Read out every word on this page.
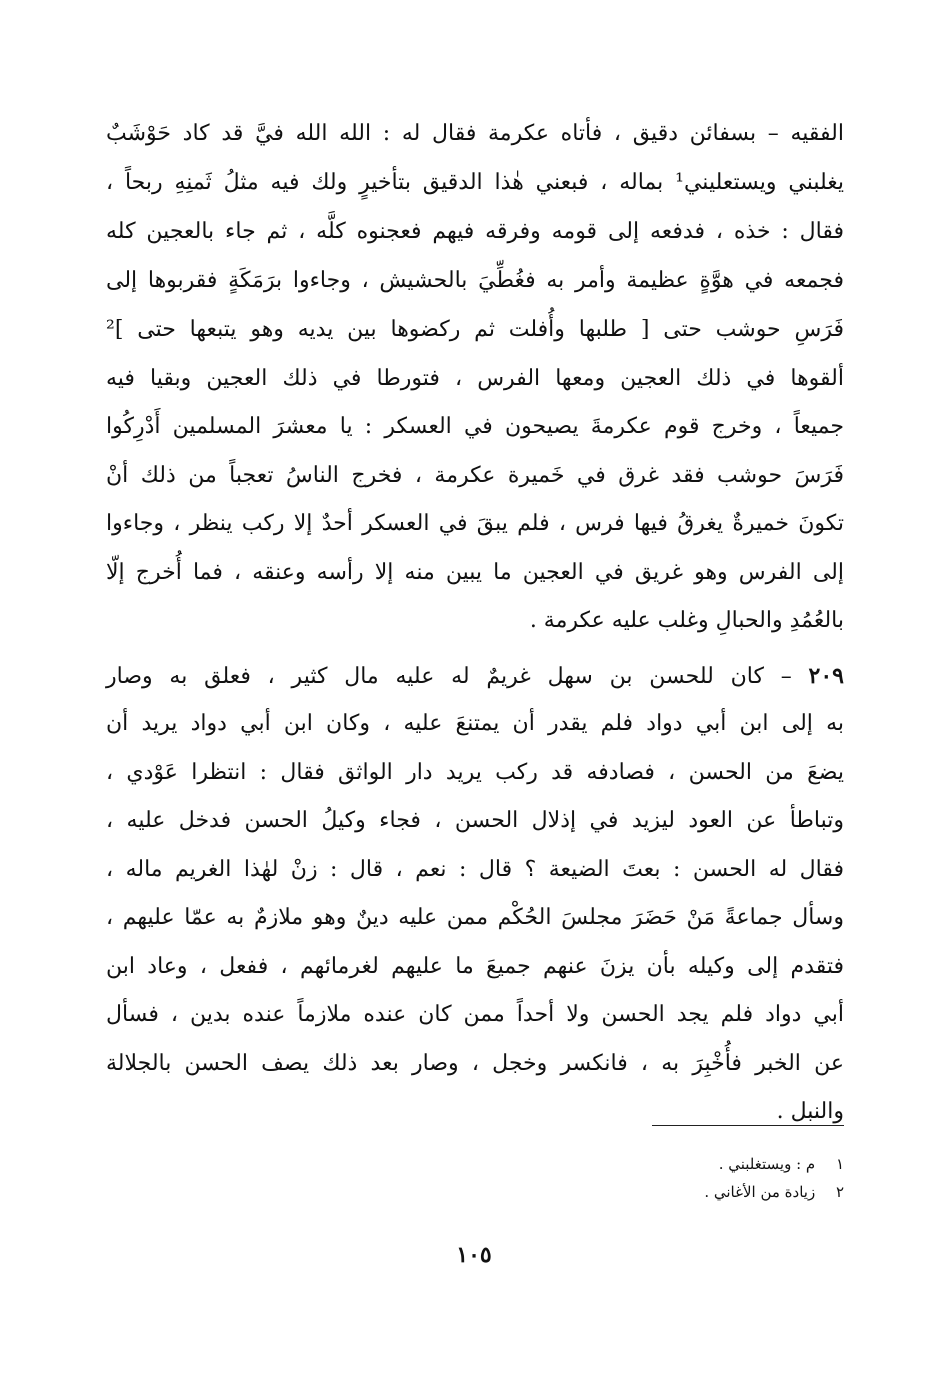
الفقيه – بسفائن دقيق ، فأتاه عكرمة فقال له : الله الله فيَّ قد كاد حَوْشَبٌ
يغلبني ويستعليني¹ بماله ، فبعني هٰذا الدقيق بتأخيرٍ ولك فيه مثلُ ثَمنِهِ ربحاً ،
فقال : خذه ، فدفعه إلى قومه وفرقه فيهم فعجنوه كلَّه ، ثم جاء بالعجين كله
فجمعه في هوَّةٍ عظيمة وأمر به فغُطِّيَ بالحشيش ، وجاءوا برَمَكَةٍ فقربوها إلى
فَرَسِ حوشب حتى [ طلبها وأُفلت ثم ركضوها بين يديه وهو يتبعها حتى ]²
ألقوها في ذلك العجين ومعها الفرس ، فتورطا في ذلك العجين وبقيا فيه
جميعاً ، وخرج قوم عكرمةَ يصيحون في العسكر : يا معشرَ المسلمين أَدْرِكُوا
فَرَسَ حوشب فقد غرق في خَميرة عكرمة ، فخرج الناسُ تعجباً من ذلك أنْ
تكونَ خميرةٌ يغرقُ فيها فرس ، فلم يبقَ في العسكر أحدٌ إلا ركب ينظر ، وجاءوا
إلى الفرس وهو غريق في العجين ما يبين منه إلا رأسه وعنقه ، فما أُخرج إلّا
بالعُمُدِ والحبالِ وغلب عليه عكرمة .
٢٠٩ – كان للحسن بن سهل غريمٌ له عليه مال كثير ، فعلق به وصار
به إلى ابن أبي دواد فلم يقدر أن يمتنعَ عليه ، وكان ابن أبي دواد يريد أن
يضعَ من الحسن ، فصادفه قد ركب يريد دار الواثق فقال : انتظرا عَوْدي ،
وتباطأ عن العود ليزيد في إذلال الحسن ، فجاء وكيلُ الحسن فدخل عليه ،
فقال له الحسن : بعتَ الضيعة ؟ قال : نعم ، قال : زنْ لهٰذا الغريم ماله ،
وسأل جماعةً مَنْ حَضَرَ مجلسَ الحُكْم ممن عليه دينٌ وهو ملازمٌ به عمّا عليهم ،
فتقدم إلى وكيله بأن يزنَ عنهم جميعَ ما عليهم لغرمائهم ، ففعل ، وعاد ابن
أبي دواد فلم يجد الحسن ولا أحداً ممن كان عنده ملازماً عنده بدين ، فسأل
عن الخبر فأُخْبِرَ به ، فانكسر وخجل ، وصار بعد ذلك يصف الحسن بالجلالة
والنبل .
١ م : ويستغلبني .
٢ زيادة من الأغاني .
١٠٥
